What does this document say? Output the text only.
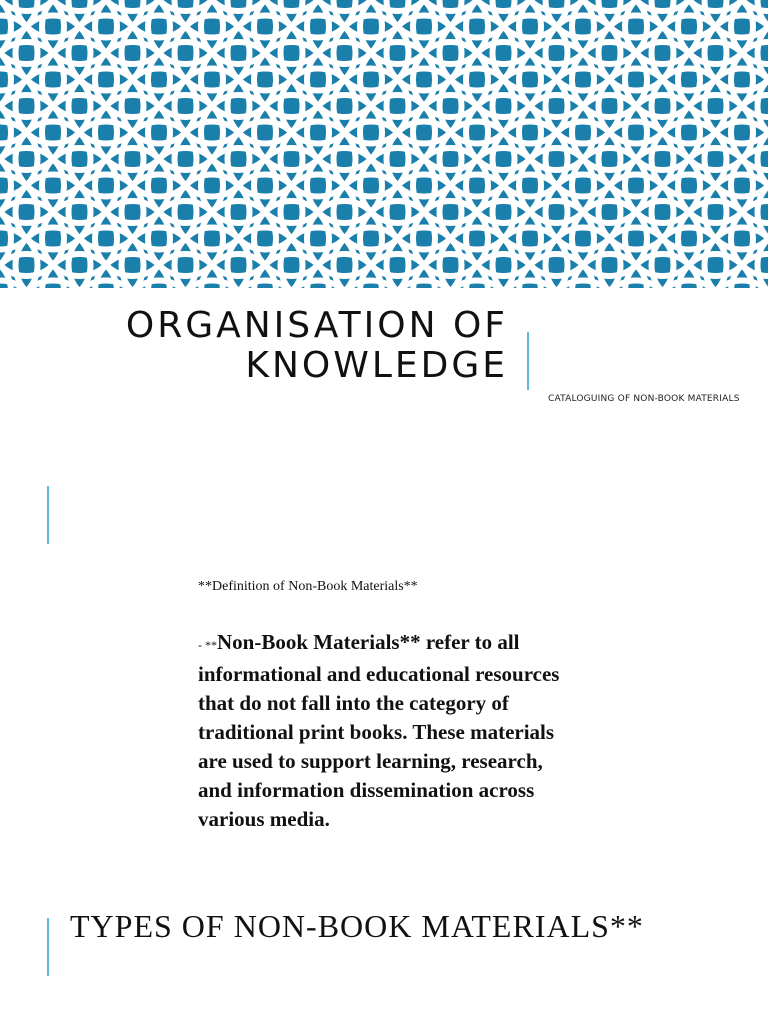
ORGANISATION OF
KNOWLEDGE

CATALOGUING OF NON-BOOK MATERIALS

**Definition of Non-Book Materials**

- **Non-Book Materials** refer to all informational and educational resources that do not fall into the category of traditional print books. These materials are used to support learning, research, and information dissemination across various media.

TYPES OF NON-BOOK MATERIALS**
